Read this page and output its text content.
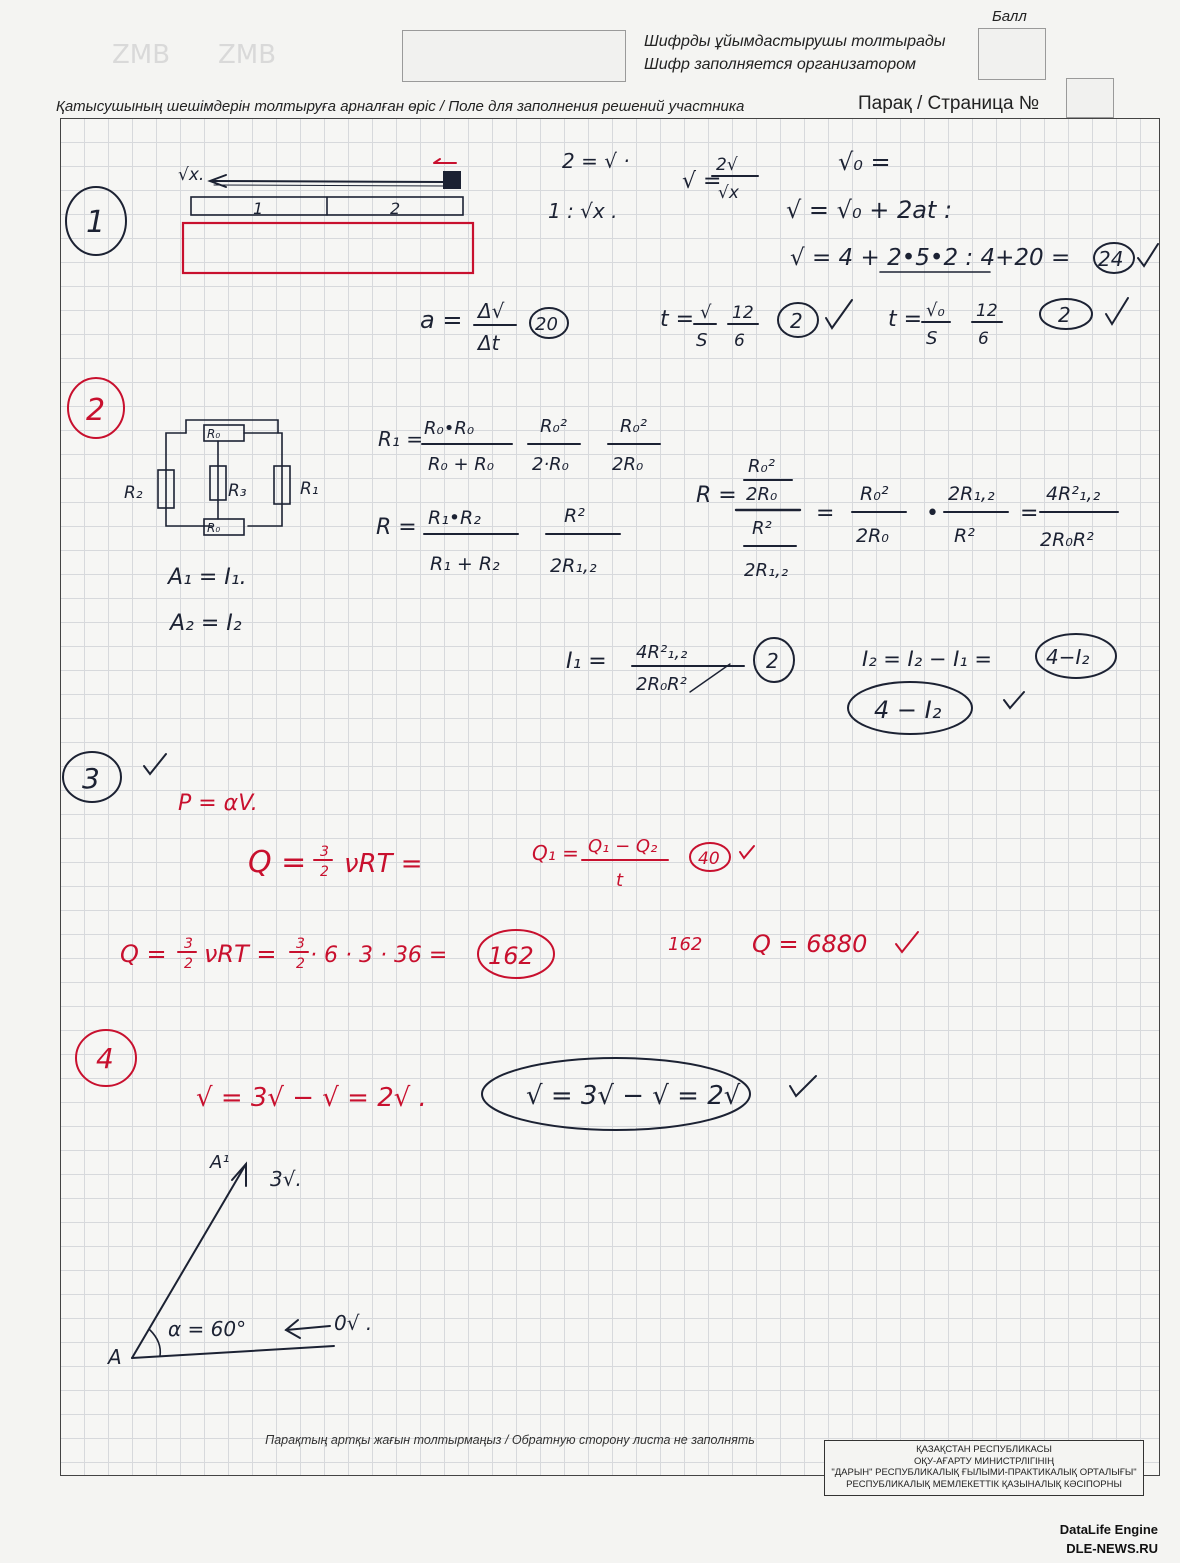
ZMB ZMB	Шифрды ұйымдастырушы толтырады
Шифр заполняется организатором
Балл
Қатысушының шешімдерін толтыруға арналған өріс / Поле для заполнения решений участника	Парақ / Страница №
1
√x.
1	2
2 = √ ·
1 : √x .
√ =
2√
√x
√₀ =
√ = √₀ + 2at :
√ = 4 + 2•5•2 : 4+20 = 24
a = Δ√
Δt
20	t = √
S
12
6
2	t = √₀
S
12
6
2
2
R₀
R₀
R₂	R₃	R₁
A₁ = I₁.
A₂ = I₂
R₁ = R₀•R₀
R₀ + R₀
R₀²
2·R₀
R₀²
2R₀
R = R₁•R₂
R₁ + R₂
R²
2R₁,₂
R =
R₀²
2R₀
R²
2R₁,₂
=
R₀²
2R₀
•
2R₁,₂
R²
=
4R²₁,₂
2R₀R²
I₁ = 4R²₁,₂
2R₀R²
2	I₂ = I₂ − I₁ =	4−I₂
4 − I₂
3
P = αV.
Q = 3
2 νRT =	Q₁ = Q₁ − Q₂
t
40
Q = 3
2 νRT = 3
2 · 6 · 3 · 36 = 162	162 Q = 6880
4
√ = 3√ − √ = 2√ .	√ = 3√ − √ = 2√
A¹
3√.
α = 60°	0√ .
A
Парақтың артқы жағын толтырмаңыз / Обратную сторону листа не заполнять
ҚАЗАҚСТАН РЕСПУБЛИКАСЫ
ОҚУ-АҒАРТУ МИНИСТРЛІГІНІҢ
"ДАРЫН" РЕСПУБЛИКАЛЫҚ ҒЫЛЫМИ-ПРАКТИКАЛЫҚ ОРТАЛЫҒЫ"
РЕСПУБЛИКАЛЫҚ МЕМЛЕКЕТТІК ҚАЗЫНАЛЫҚ КӘСІПОРНЫ
DataLife Engine
DLE-NEWS.RU
